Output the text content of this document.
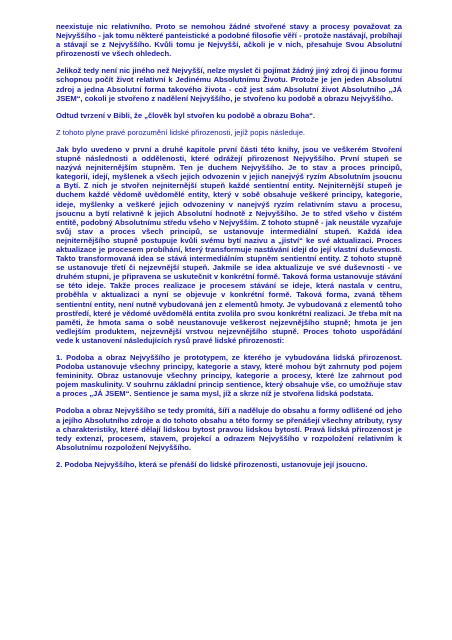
neexistuje nic relativního. Proto se nemohou žádné stvořené stavy a procesy považovat za Nejvyššího - jak tomu některé panteistické a podobné filosofie věří - protože nastávají, probíhají a stávají se z Nejvyššího. Kvůli tomu je Nejvyšší, ačkoli je v nich, přesahuje Svou Absolutní přirozeností ve všech ohledech.

Jelikož tedy není nic jiného než Nejvyšší, nelze myslet či pojímat žádný jiný zdroj či jinou formu schopnou počít život relativní k Jedinému Absolutnímu Životu. Protože je jen jeden Absolutní zdroj a jedna Absolutní forma takového života - což jest sám Absolutní život Absolutního „JÁ JSEM“, cokoli je stvořeno z nadělení Nejvyššího, je stvořeno ku podobě a obrazu Nejvyššího.

Odtud tvrzení v Bibli, že „člověk byl stvořen ku podobě a obrazu Boha“.

Z tohoto plyne pravé porozumění lidské přirozenosti, jejíž popis následuje.

Jak bylo uvedeno v první a druhé kapitole první části této knihy, jsou ve veškerém Stvoření stupně následnosti a oddělenosti, které odrážejí přirozenost Nejvyššího. První stupeň se nazývá nejniternějším stupněm. Ten je duchem Nejvyššího. Je to stav a proces principů, kategorií, idejí, myšlenek a všech jejich odvozenin v jejich nanejvýš ryzím Absolutním jsoucnu a Bytí. Z nich je stvořen nejniternější stupeň každé sentientní entity. Nejniternější stupeň je duchem každé vědomě uvědomělé entity, který v sobě obsahuje veškeré principy, kategorie, ideje, myšlenky a veškeré jejich odvozeniny v nanejvýš ryzím relativním stavu a procesu, jsoucnu a bytí relativně k jejich Absolutní hodnotě z Nejvyššího. Je to střed všeho v čistém entitě, podobný Absolutnímu středu všeho v Nejvyšším. Z tohoto stupně - jak neustále vyzařuje svůj stav a proces všech principů, se ustanovuje intermediální stupeň. Každá idea nejniternějšího stupně postupuje kvůli svému bytí nazivu a „jiství“ ke své aktualizaci. Proces aktualizace je procesem probíhání, který transformuje nastávání idejí do její vlastní duševnosti. Takto transformovaná idea se stává intermediálním stupněm sentientní entity. Z tohoto stupně se ustanovuje třetí či nejzevnější stupeň. Jakmile se idea aktualizuje ve své duševnosti - ve druhém stupni, je připravena se uskutečnit v konkrétní formě. Taková forma ustanovuje stávání se této ideje. Takže proces realizace je procesem stávání se ideje, která nastala v centru, proběhla v aktualizaci a nyní se objevuje v konkrétní formě. Taková forma, zvaná těhem sentientní entity, není nutně vybudovaná jen z elementů hmoty. Je vybudovaná z elementů toho prostředí, které je vědomé uvědomělá entita zvolila pro svou konkrétní realizaci. Je třeba mít na paměti, že hmota sama o sobě neustanovuje veškerost nejzevnějšího stupně; hmota je jen vedlejším produktem, nejzevnější vrstvou nejzevnějšího stupně. Proces tohoto uspořádání vede k ustanovení následujících rysů pravé lidské přirozenosti:

1. Podoba a obraz Nejvyššího je prototypem, ze kterého je vybudována lidská přirozenost. Podoba ustanovuje všechny principy, kategorie a stavy, které mohou být zahrnuty pod pojem femininity. Obraz ustanovuje všechny principy, kategorie a procesy, které lze zahrnout pod pojem maskulinity. V souhrnu základní princip sentience, který obsahuje vše, co umožňuje stav a proces „JÁ JSEM“. Sentience je sama mysl, jíž a skrze níž je stvořena lidská podstata.

Podoba a obraz Nejvyššího se tedy promítá, šíří a naděluje do obsahu a formy odlišené od jeho a jejího Absolutního zdroje a do tohoto obsahu a této formy se přenášejí všechny atributy, rysy a charakteristiky, které dělají lidskou bytost pravou lidskou bytostí. Pravá lidská přirozenost je tedy extenzí, procesem, stavem, projekcí a odrazem Nejvyššího v rozpoložení relativním k Absolutnímu rozpoložení Nejvyššího.

2. Podoba Nejvyššího, která se přenáší do lidské přirozenosti, ustanovuje její jsoucno.
